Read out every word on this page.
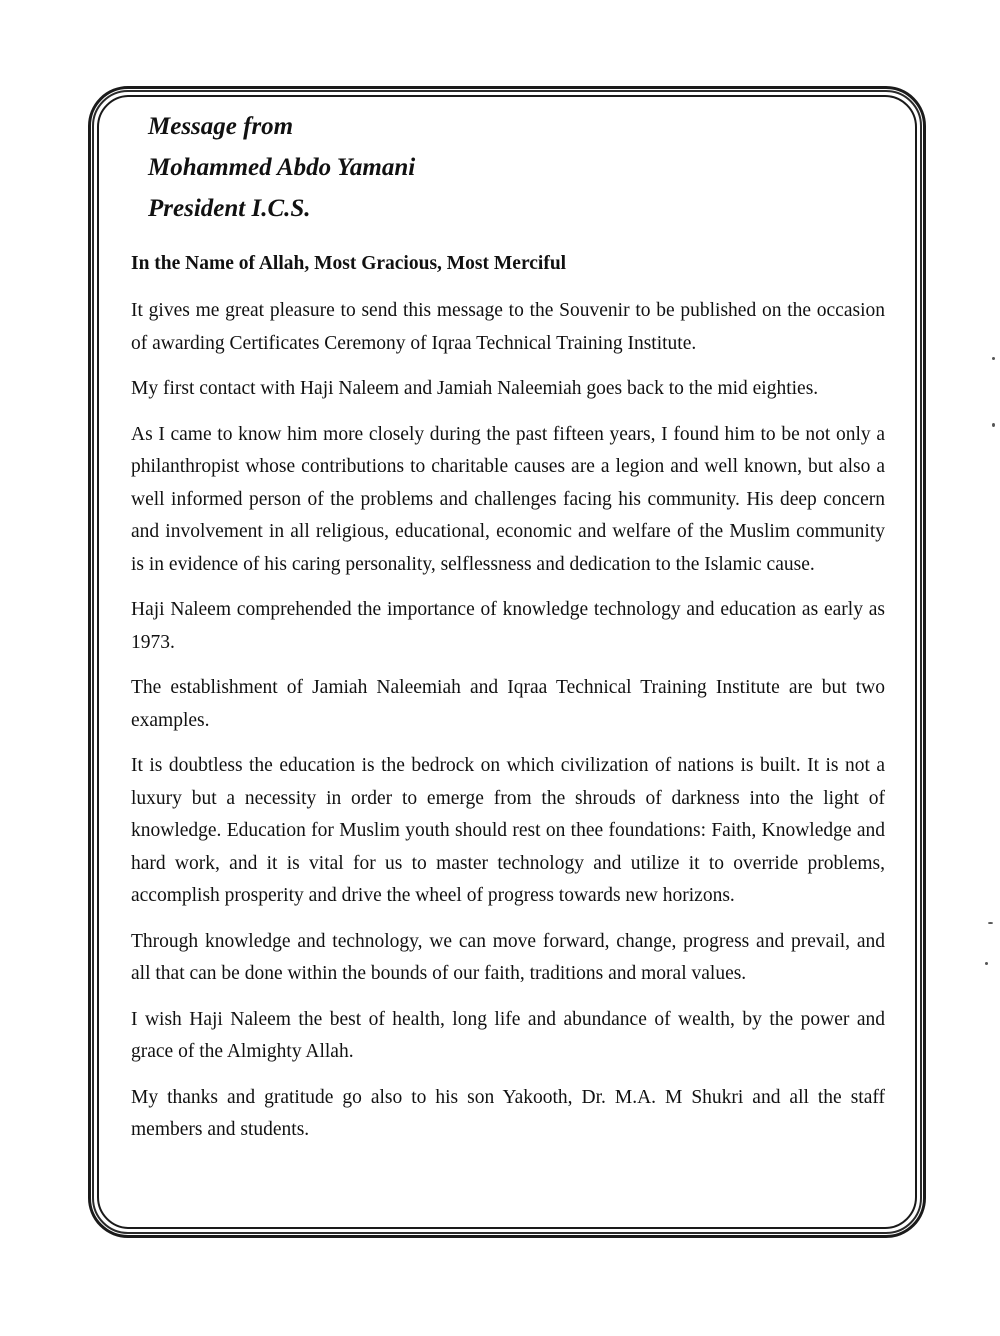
Message from
Mohammed Abdo Yamani
President I.C.S.

In the Name of Allah, Most Gracious, Most Merciful

It gives me great pleasure to send this message to the Souvenir to be published on the occasion of awarding Certificates Ceremony of Iqraa Technical Training Institute.

My first contact with Haji Naleem and Jamiah Naleemiah goes back to the mid eighties.

As I came to know him more closely during the past fifteen years, I found him to be not only a philanthropist whose contributions to charitable causes are a legion and well known, but also a well informed person of the problems and challenges facing his community. His deep concern and involvement in all religious, educational, economic and welfare of the Muslim community is in evidence of his caring personality, selflessness and dedication to the Islamic cause.

Haji Naleem comprehended the importance of knowledge technology and education as early as 1973.

The establishment of Jamiah Naleemiah and Iqraa Technical Training Institute are but two examples.

It is doubtless the education is the bedrock on which civilization of nations is built. It is not a luxury but a necessity in order to emerge from the shrouds of darkness into the light of knowledge. Education for Muslim youth should rest on thee foundations: Faith, Knowledge and hard work, and it is vital for us to master technology and utilize it to override problems, accomplish prosperity and drive the wheel of progress towards new horizons.

Through knowledge and technology, we can move forward, change, progress and prevail, and all that can be done within the bounds of our faith, traditions and moral values.

I wish Haji Naleem the best of health, long life and abundance of wealth, by the power and grace of the Almighty Allah.

My thanks and gratitude go also to his son Yakooth, Dr. M.A. M Shukri and all the staff members and students.
